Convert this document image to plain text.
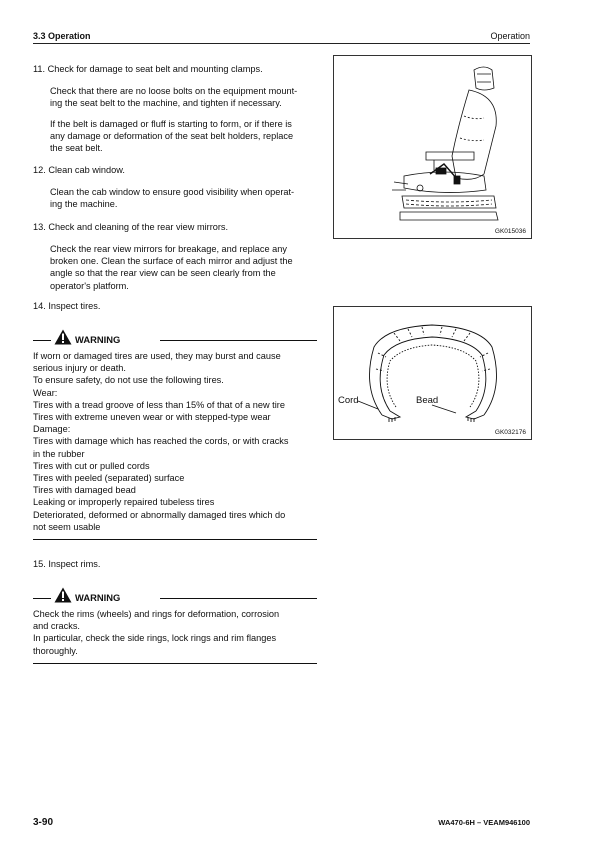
3.3 Operation	Operation
11. Check for damage to seat belt and mounting clamps.
Check that there are no loose bolts on the equipment mount-
ing the seat belt to the machine, and tighten if necessary.
If the belt is damaged or fluff is starting to form, or if there is
any damage or deformation of the seat belt holders, replace
the seat belt.
12. Clean cab window.
Clean the cab window to ensure good visibility when operat-
ing the machine.
13. Check and cleaning of the rear view mirrors.
Check the rear view mirrors for breakage, and replace any
broken one. Clean the surface of each mirror and adjust the
angle so that the rear view can be seen clearly from the
operator's platform.
14. Inspect tires.
WARNING
If worn or damaged tires are used, they may burst and cause
serious injury or death.
To ensure safety, do not use the following tires.
Wear:
Tires with a tread groove of less than 15% of that of a new tire
Tires with extreme uneven wear or with stepped-type wear
Damage:
Tires with damage which has reached the cords, or with cracks
in the rubber
Tires with cut or pulled cords
Tires with peeled (separated) surface
Tires with damaged bead
Leaking or improperly repaired tubeless tires
Deteriorated, deformed or abnormally damaged tires which do
not seem usable
15. Inspect rims.
WARNING
Check the rims (wheels) and rings for deformation, corrosion
and cracks.
In particular, check the side rings, lock rings and rim flanges
thoroughly.
GK015036
Cord	Bead
GK032176
3-90	WA470-6H – VEAM946100
